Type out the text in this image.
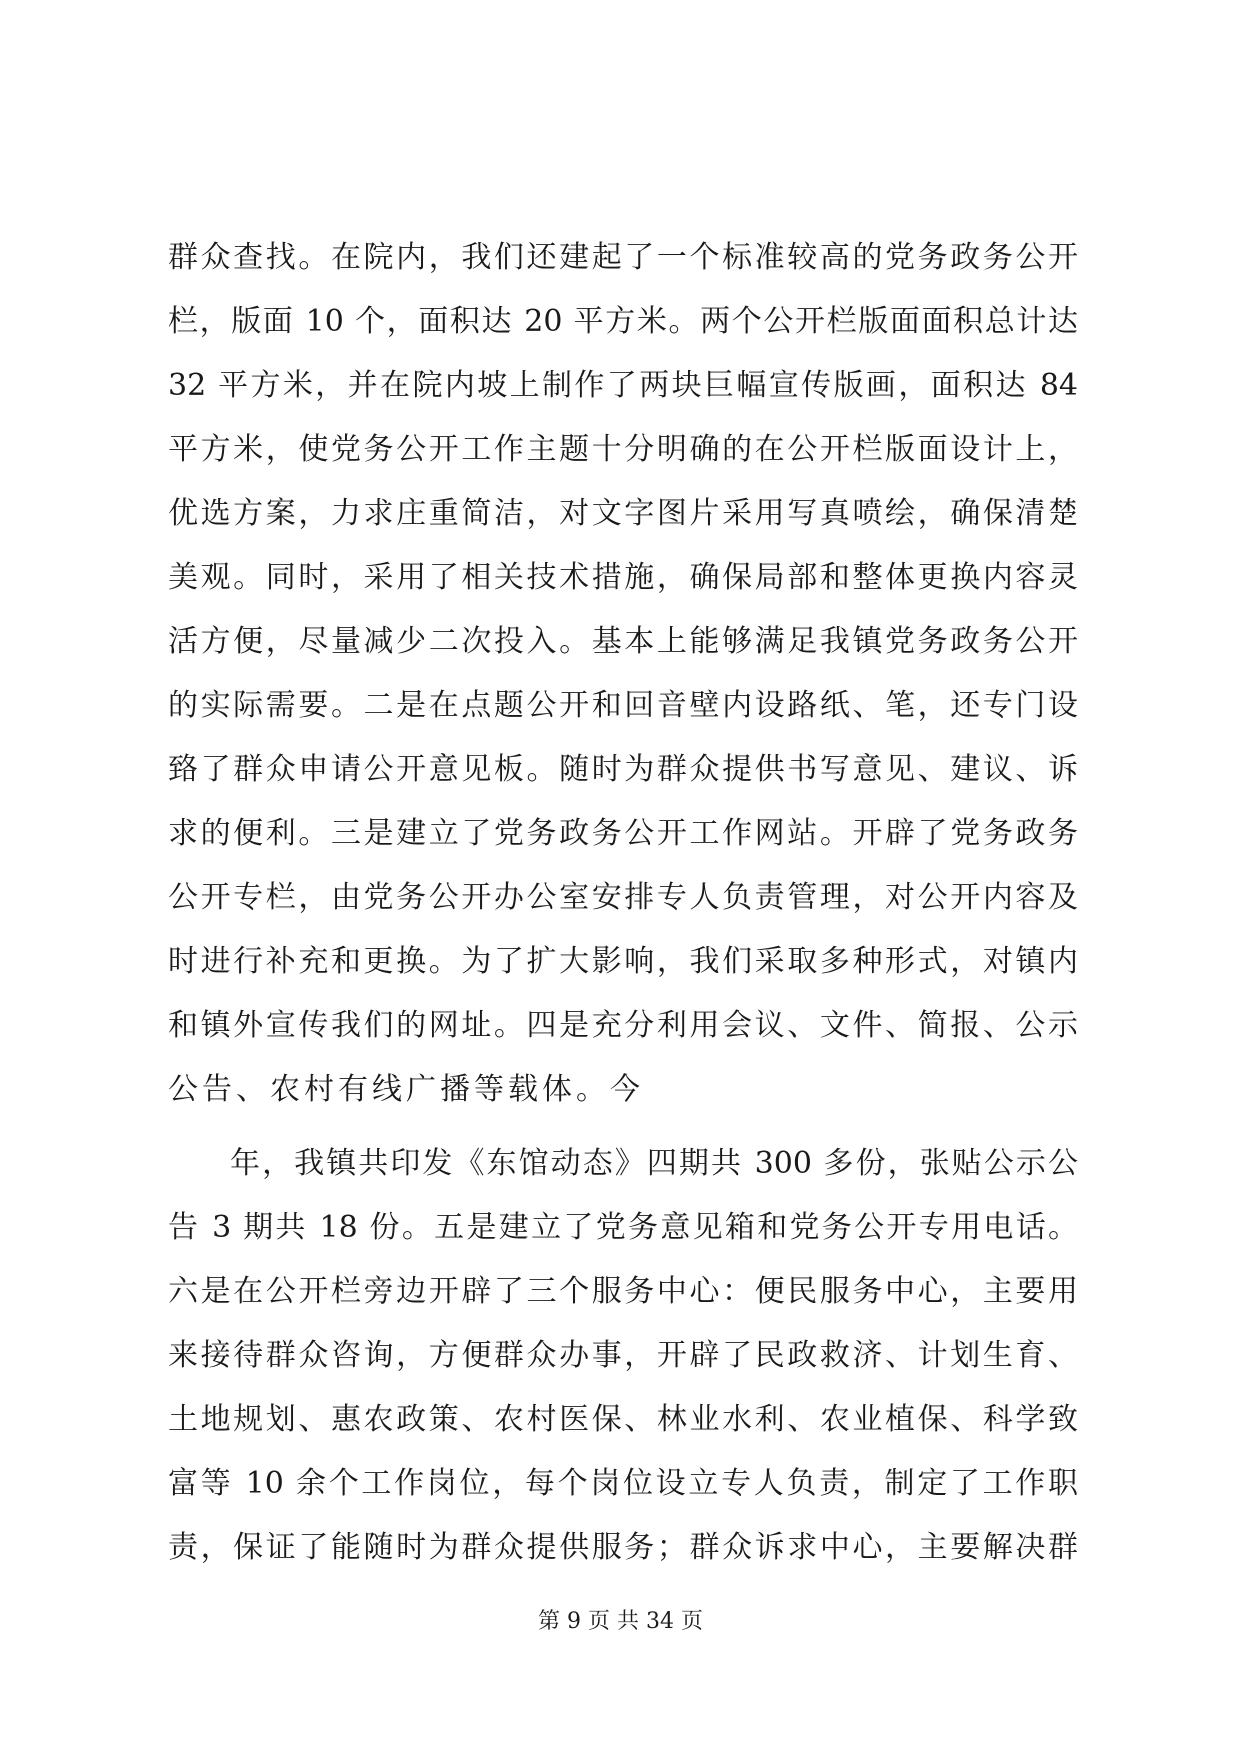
群众查找。在院内，我们还建起了一个标准较高的党务政务公开
栏，版面 10 个，面积达 20 平方米。两个公开栏版面面积总计达
32 平方米，并在院内坡上制作了两块巨幅宣传版画，面积达 84
平方米，使党务公开工作主题十分明确的在公开栏版面设计上，
优选方案，力求庄重简洁，对文字图片采用写真喷绘，确保清楚
美观。同时，采用了相关技术措施，确保局部和整体更换内容灵
活方便，尽量减少二次投入。基本上能够满足我镇党务政务公开
的实际需要。二是在点题公开和回音壁内设路纸、笔，还专门设
臵了群众申请公开意见板。随时为群众提供书写意见、建议、诉
求的便利。三是建立了党务政务公开工作网站。开辟了党务政务
公开专栏，由党务公开办公室安排专人负责管理，对公开内容及
时进行补充和更换。为了扩大影响，我们采取多种形式，对镇内
和镇外宣传我们的网址。四是充分利用会议、文件、简报、公示
公告、农村有线广播等载体。今
年，我镇共印发《东馆动态》四期共 300 多份，张贴公示公
告 3 期共 18 份。五是建立了党务意见箱和党务公开专用电话。
六是在公开栏旁边开辟了三个服务中心：便民服务中心，主要用
来接待群众咨询，方便群众办事，开辟了民政救济、计划生育、
土地规划、惠农政策、农村医保、林业水利、农业植保、科学致
富等 10 余个工作岗位，每个岗位设立专人负责，制定了工作职
责，保证了能随时为群众提供服务；群众诉求中心，主要解决群
第 9 页 共 34 页
